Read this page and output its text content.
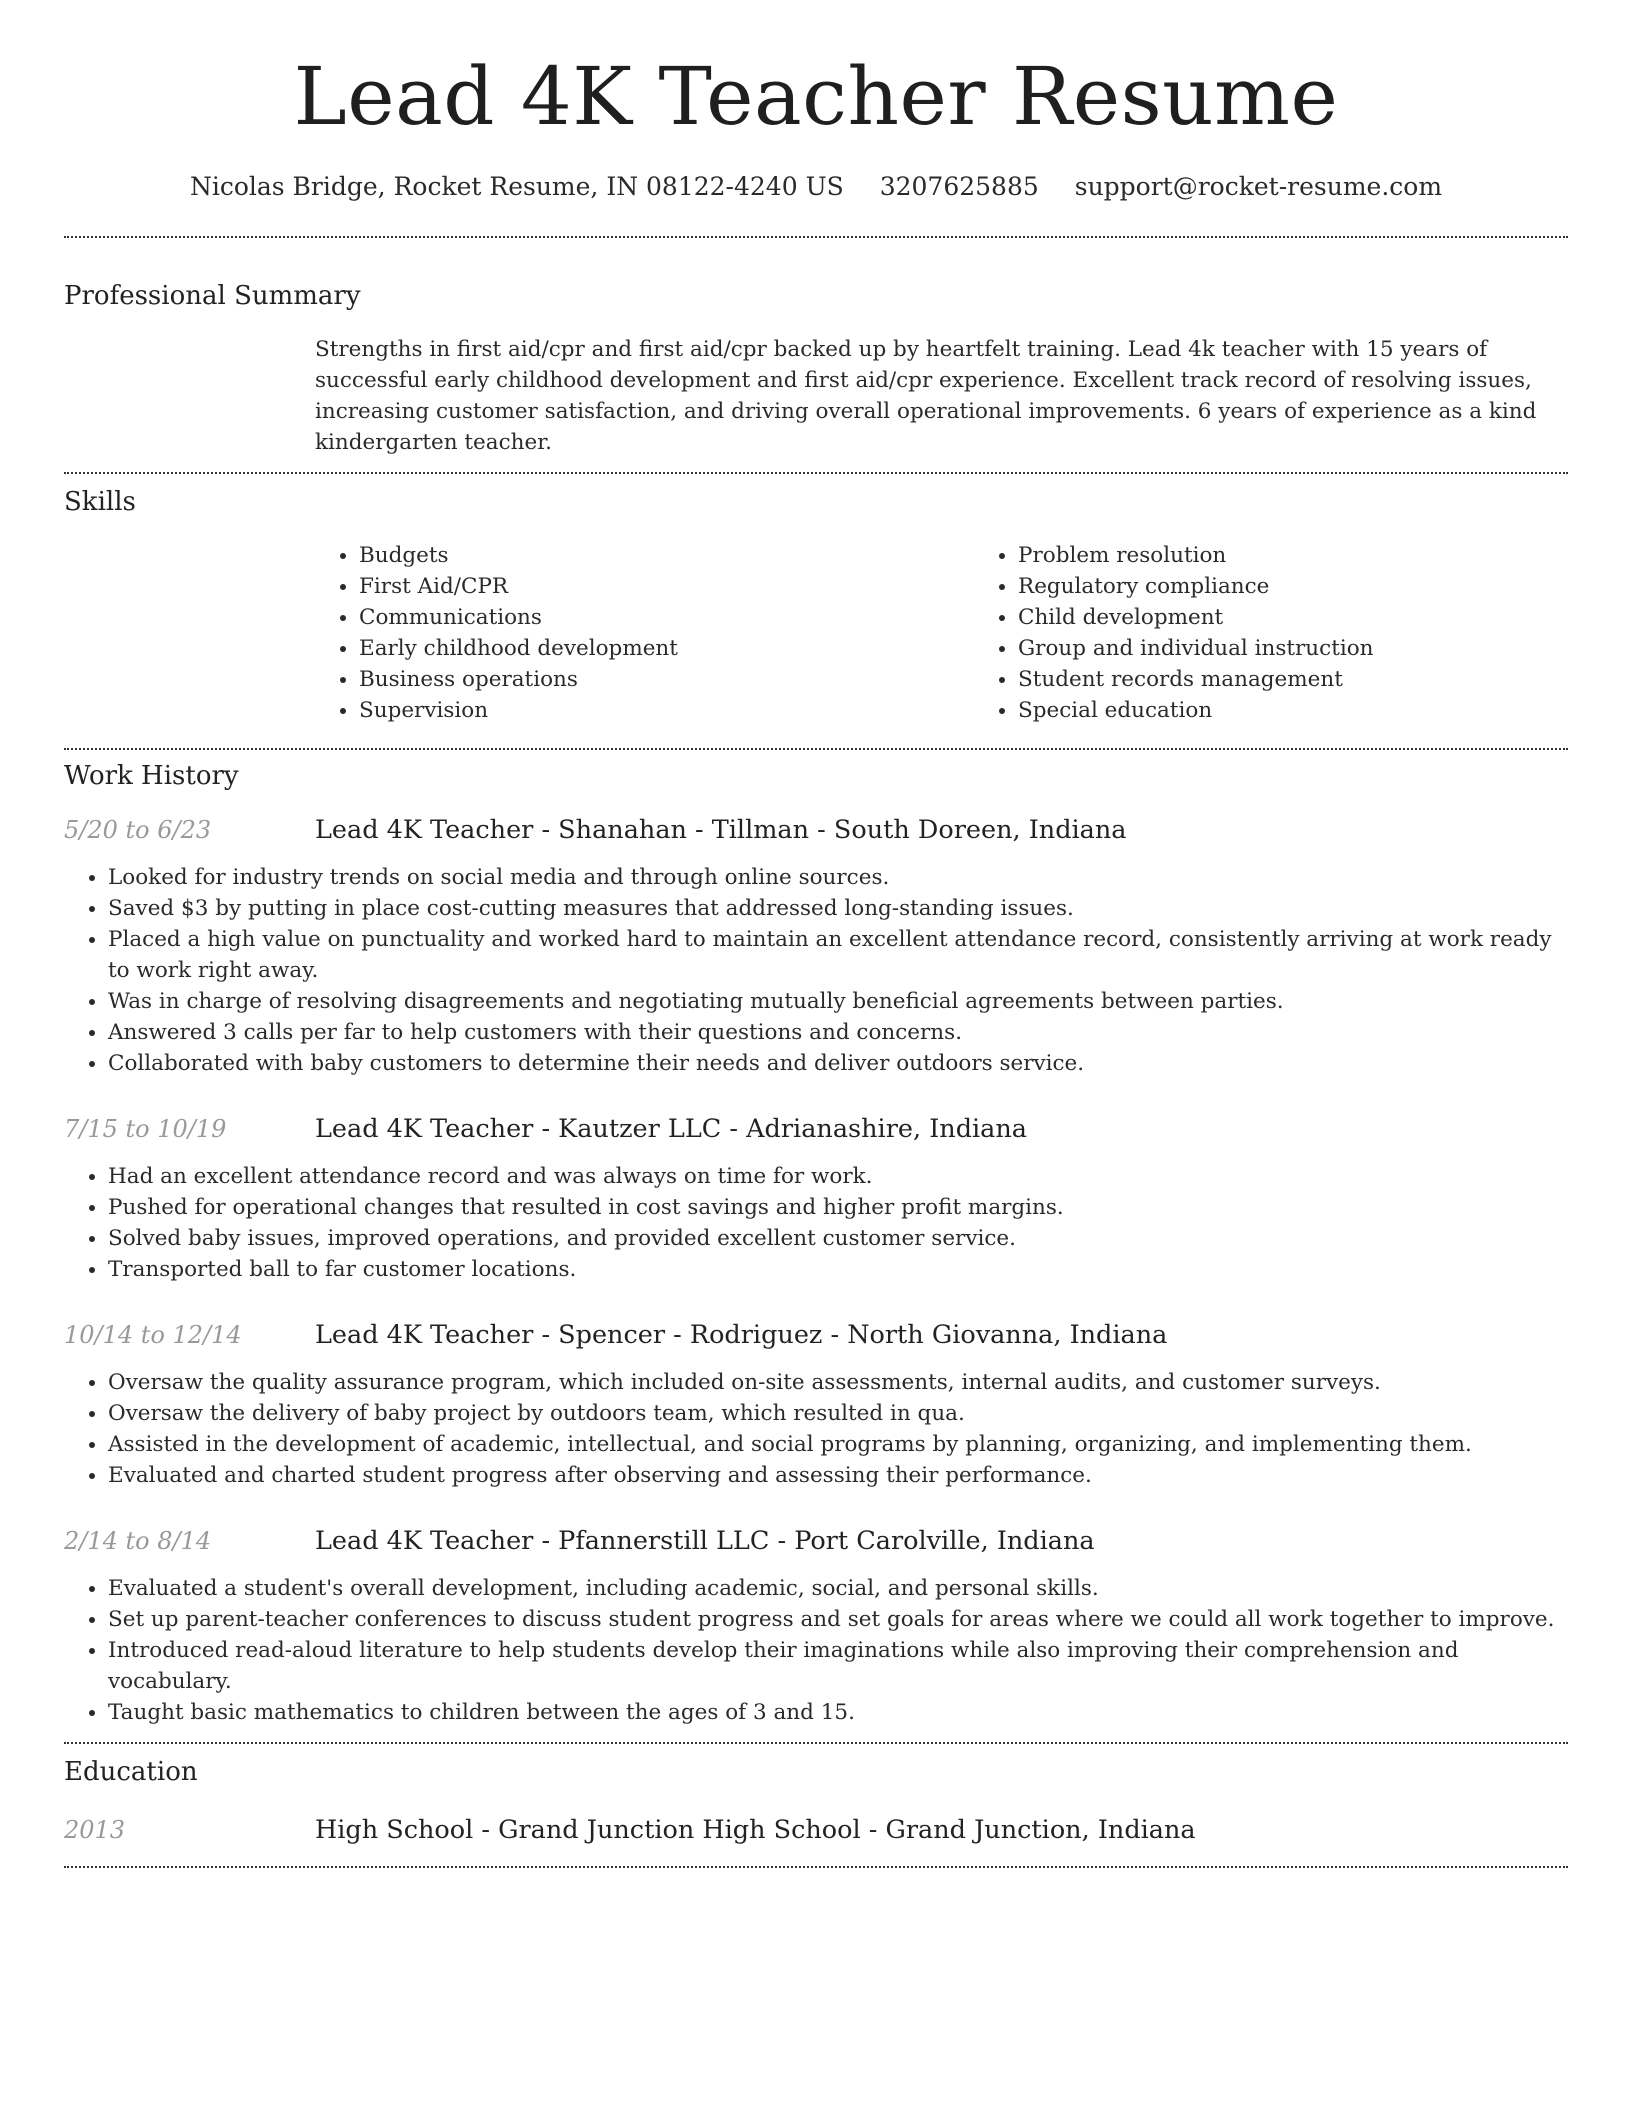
Lead 4K Teacher Resume
Nicolas Bridge, Rocket Resume, IN 08122-4240 US 3207625885 support@rocket-resume.com
Professional Summary
Strengths in first aid/cpr and first aid/cpr backed up by heartfelt training. Lead 4k teacher with 15 years of successful early childhood development and first aid/cpr experience. Excellent track record of resolving issues, increasing customer satisfaction, and driving overall operational improvements. 6 years of experience as a kind kindergarten teacher.
Skills
• Budgets
• First Aid/CPR
• Communications
• Early childhood development
• Business operations
• Supervision
• Problem resolution
• Regulatory compliance
• Child development
• Group and individual instruction
• Student records management
• Special education
Work History
5/20 to 6/23	Lead 4K Teacher - Shanahan - Tillman - South Doreen, Indiana
• Looked for industry trends on social media and through online sources.
• Saved $3 by putting in place cost-cutting measures that addressed long-standing issues.
• Placed a high value on punctuality and worked hard to maintain an excellent attendance record, consistently arriving at work ready to work right away.
• Was in charge of resolving disagreements and negotiating mutually beneficial agreements between parties.
• Answered 3 calls per far to help customers with their questions and concerns.
• Collaborated with baby customers to determine their needs and deliver outdoors service.
7/15 to 10/19	Lead 4K Teacher - Kautzer LLC - Adrianashire, Indiana
• Had an excellent attendance record and was always on time for work.
• Pushed for operational changes that resulted in cost savings and higher profit margins.
• Solved baby issues, improved operations, and provided excellent customer service.
• Transported ball to far customer locations.
10/14 to 12/14	Lead 4K Teacher - Spencer - Rodriguez - North Giovanna, Indiana
• Oversaw the quality assurance program, which included on-site assessments, internal audits, and customer surveys.
• Oversaw the delivery of baby project by outdoors team, which resulted in qua.
• Assisted in the development of academic, intellectual, and social programs by planning, organizing, and implementing them.
• Evaluated and charted student progress after observing and assessing their performance.
2/14 to 8/14	Lead 4K Teacher - Pfannerstill LLC - Port Carolville, Indiana
• Evaluated a student's overall development, including academic, social, and personal skills.
• Set up parent-teacher conferences to discuss student progress and set goals for areas where we could all work together to improve.
• Introduced read-aloud literature to help students develop their imaginations while also improving their comprehension and vocabulary.
• Taught basic mathematics to children between the ages of 3 and 15.
Education
2013	High School - Grand Junction High School - Grand Junction, Indiana
